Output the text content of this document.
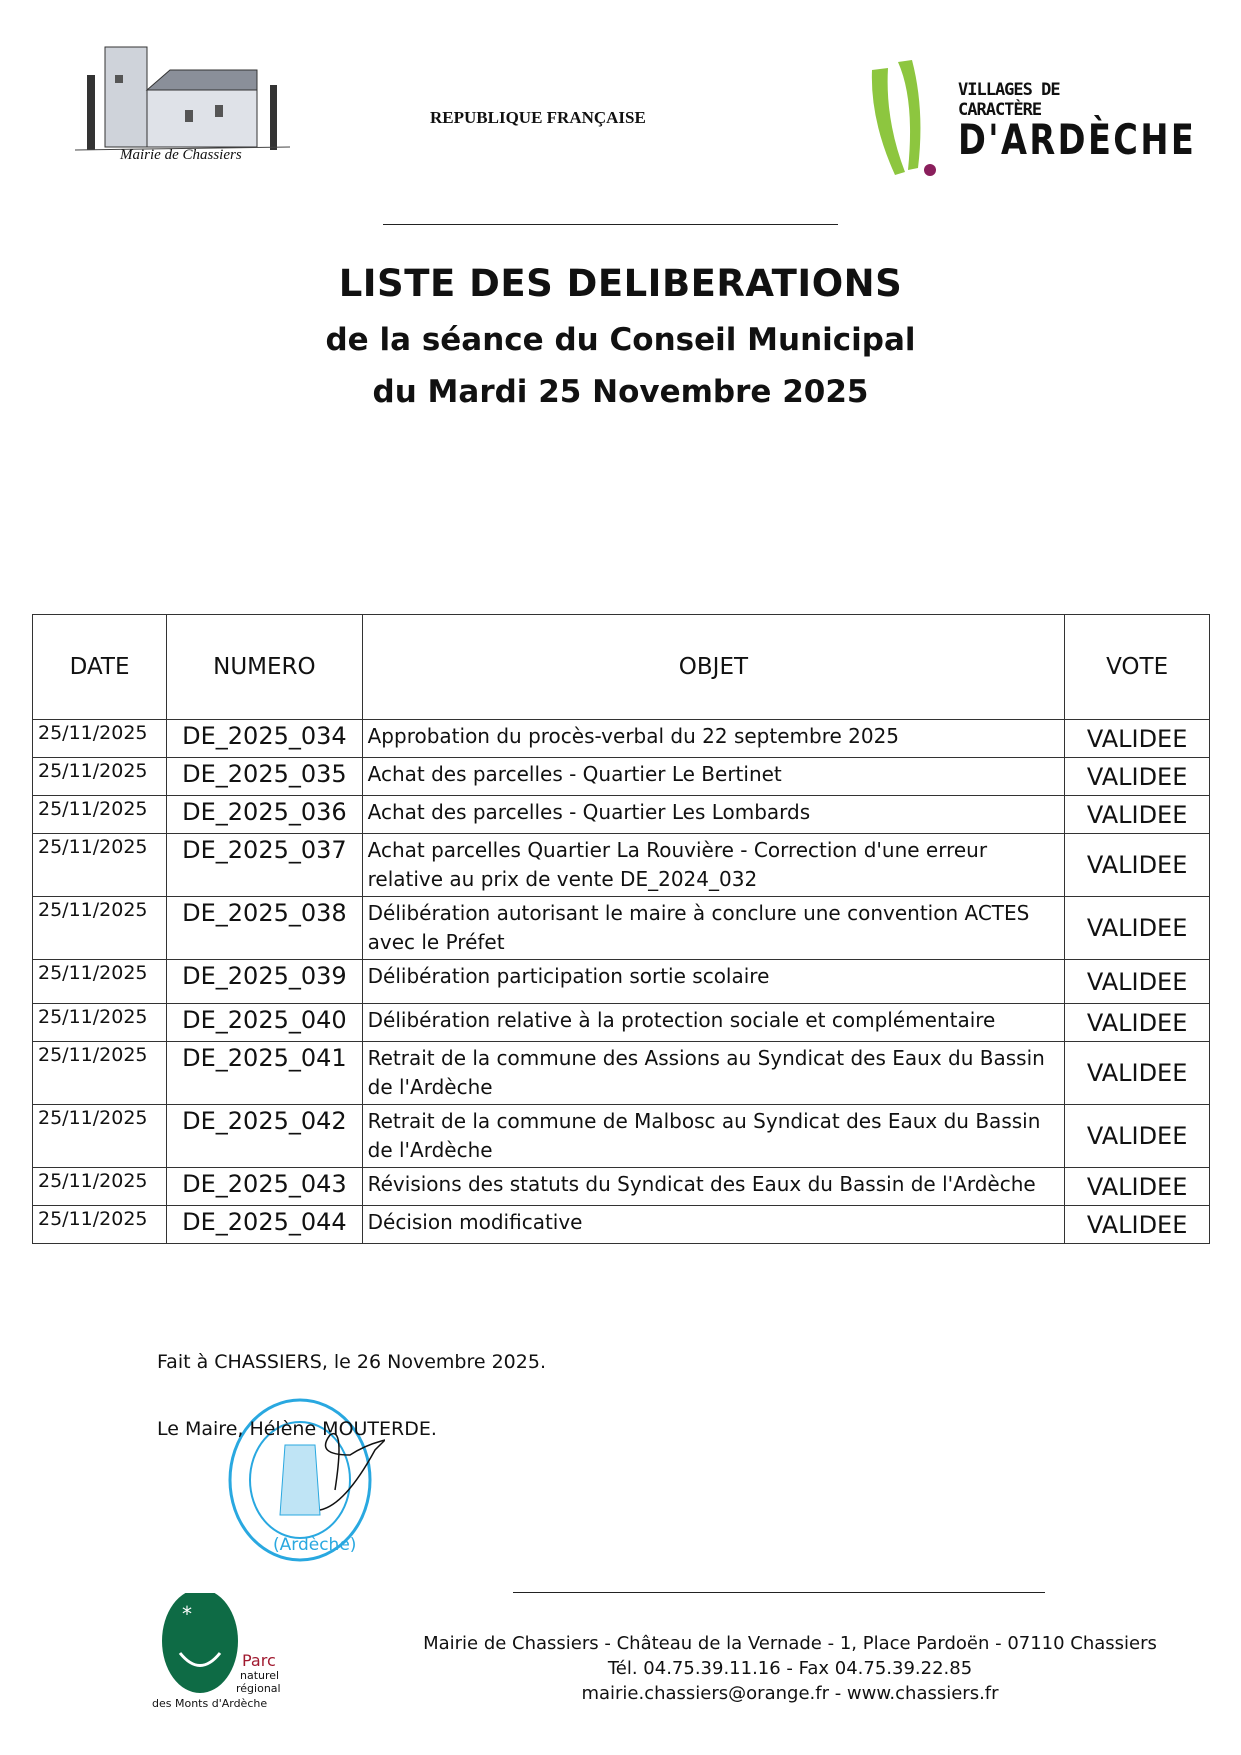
Mairie de Chassiers
REPUBLIQUE FRANÇAISE
VILLAGES DE CARACTÈRE
D'ARDÈCHE
LISTE DES DELIBERATIONS
de la séance du Conseil Municipal
du Mardi 25 Novembre 2025
DATE	NUMERO	OBJET	VOTE
25/11/2025	DE_2025_034	Approbation du procès-verbal du 22 septembre 2025	VALIDEE
25/11/2025	DE_2025_035	Achat des parcelles - Quartier Le Bertinet	VALIDEE
25/11/2025	DE_2025_036	Achat des parcelles - Quartier Les Lombards	VALIDEE
25/11/2025	DE_2025_037	Achat parcelles Quartier La Rouvière - Correction d'une erreur relative au prix de vente DE_2024_032	VALIDEE
25/11/2025	DE_2025_038	Délibération autorisant le maire à conclure une convention ACTES avec le Préfet	VALIDEE
25/11/2025	DE_2025_039	Délibération participation sortie scolaire	VALIDEE
25/11/2025	DE_2025_040	Délibération relative à la protection sociale et complémentaire	VALIDEE
25/11/2025	DE_2025_041	Retrait de la commune des Assions au Syndicat des Eaux du Bassin de l'Ardèche	VALIDEE
25/11/2025	DE_2025_042	Retrait de la commune de Malbosc au Syndicat des Eaux du Bassin de l'Ardèche	VALIDEE
25/11/2025	DE_2025_043	Révisions des statuts du Syndicat des Eaux du Bassin de l'Ardèche	VALIDEE
25/11/2025	DE_2025_044	Décision modificative	VALIDEE
Fait à CHASSIERS, le 26 Novembre 2025.
(Ardèche)
Le Maire, Hélène MOUTERDE.
*
Parc
naturel
régional
des Monts d'Ardèche
Mairie de Chassiers - Château de la Vernade - 1, Place Pardoën - 07110 Chassiers
Tél. 04.75.39.11.16 - Fax 04.75.39.22.85
mairie.chassiers@orange.fr - www.chassiers.fr
